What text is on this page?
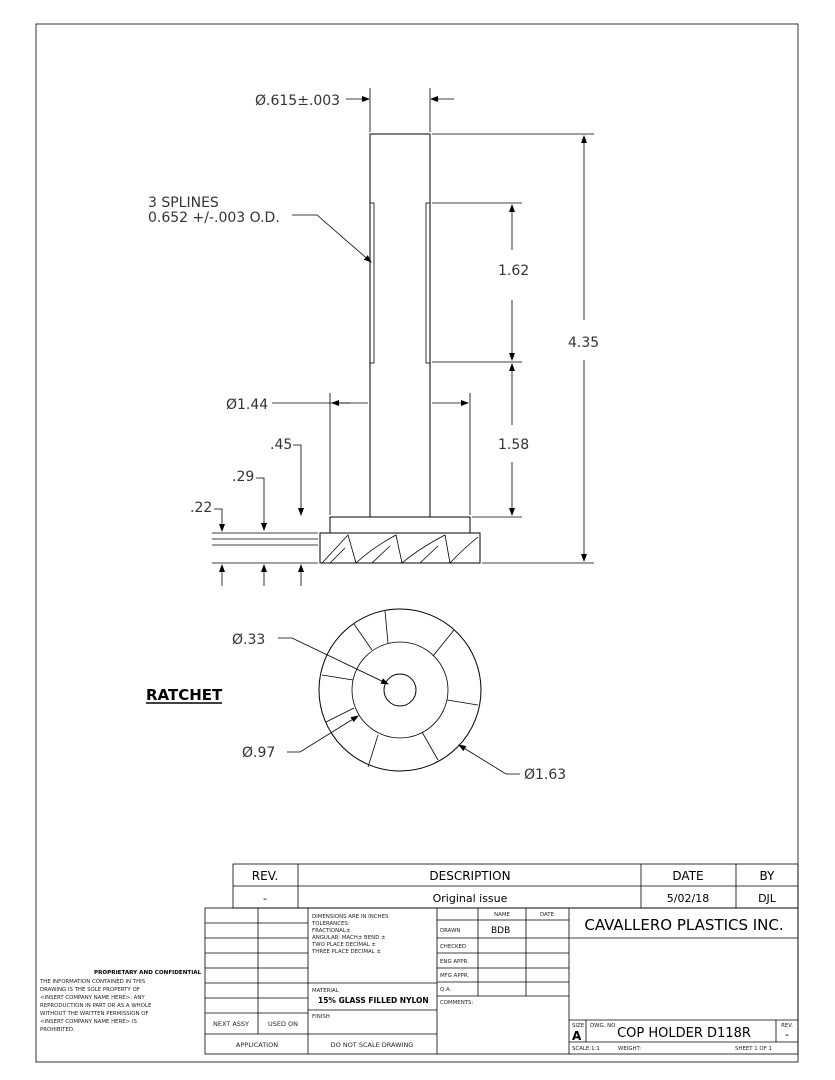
Ø.615±.003
3 SPLINES
0.652 +/-.003 O.D.
1.62
4.35
1.58
Ø1.44
.45
.29
.22
Ø.33
Ø.97
Ø1.63
RATCHET
REV.	DESCRIPTION	DATE	BY
-	Original issue	5/02/18	DJL
PROPRIETARY AND CONFIDENTIAL
THE INFORMATION CONTAINED IN THIS
DRAWING IS THE SOLE PROPERTY OF
<INSERT COMPANY NAME HERE>. ANY
REPRODUCTION IN PART OR AS A WHOLE
WITHOUT THE WRITTEN PERMISSION OF
<INSERT COMPANY NAME HERE> IS
PROHIBITED.
NEXT ASSY	USED ON
APPLICATION
DIMENSIONS ARE IN INCHES
TOLERANCES:
FRACTIONAL±
ANGULAR: MACH± BEND ±
TWO PLACE DECIMAL ±
THREE PLACE DECIMAL ±
MATERIAL
15% GLASS FILLED NYLON
FINISH
DO NOT SCALE DRAWING
NAME	DATE
DRAWN	BDB
CHECKED
ENG APPR.
MFG APPR.
Q.A.
COMMENTS:
CAVALLERO PLASTICS INC.
SIZE
A
DWG. NO. COP HOLDER D118R	REV.
-
SCALE:1:1	WEIGHT:	SHEET 1 OF 1
